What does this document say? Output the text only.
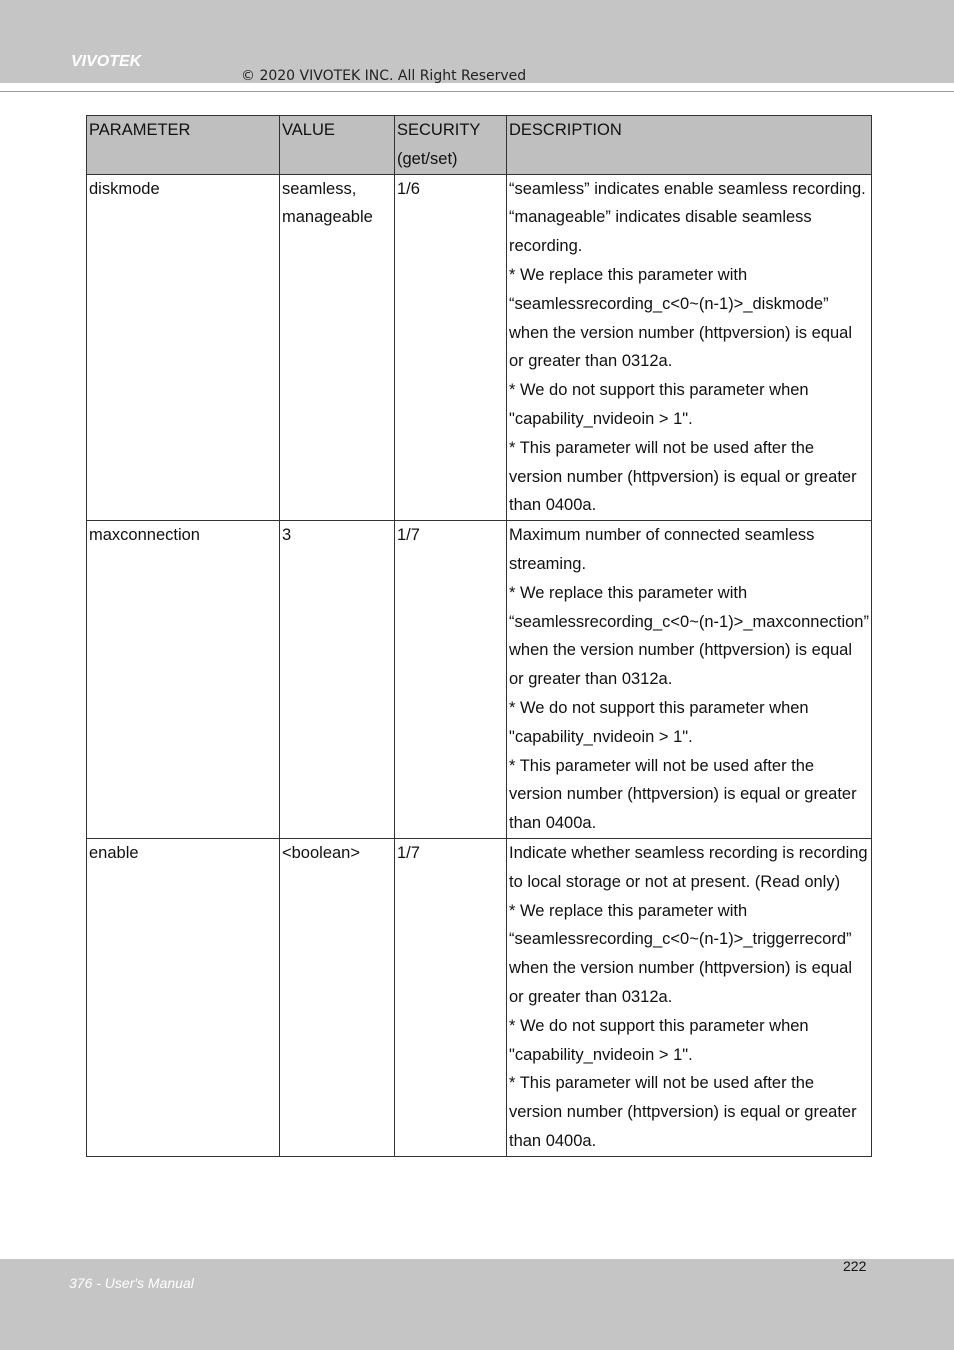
VIVOTEK
© 2020 VIVOTEK INC. All Right Reserved
PARAMETER	VALUE	SECURITY (get/set)	DESCRIPTION
diskmode	seamless, manageable	1/6	“seamless” indicates enable seamless recording.
“manageable” indicates disable seamless recording.
* We replace this parameter with “seamlessrecording_c<0~(n-1)>_diskmode” when the version number (httpversion) is equal or greater than 0312a.
* We do not support this parameter when "capability_nvideoin > 1".
* This parameter will not be used after the version number (httpversion) is equal or greater than 0400a.

maxconnection	3	1/7	Maximum number of connected seamless streaming.
* We replace this parameter with “seamlessrecording_c<0~(n-1)>_maxconnection” when the version number (httpversion) is equal or greater than 0312a.
* We do not support this parameter when "capability_nvideoin > 1".
* This parameter will not be used after the version number (httpversion) is equal or greater than 0400a.

enable	<boolean>	1/7	Indicate whether seamless recording is recording to local storage or not at present. (Read only)
* We replace this parameter with “seamlessrecording_c<0~(n-1)>_triggerrecord” when the version number (httpversion) is equal or greater than 0312a.
* We do not support this parameter when "capability_nvideoin > 1".
* This parameter will not be used after the version number (httpversion) is equal or greater than 0400a.
376 - User's Manual
222
